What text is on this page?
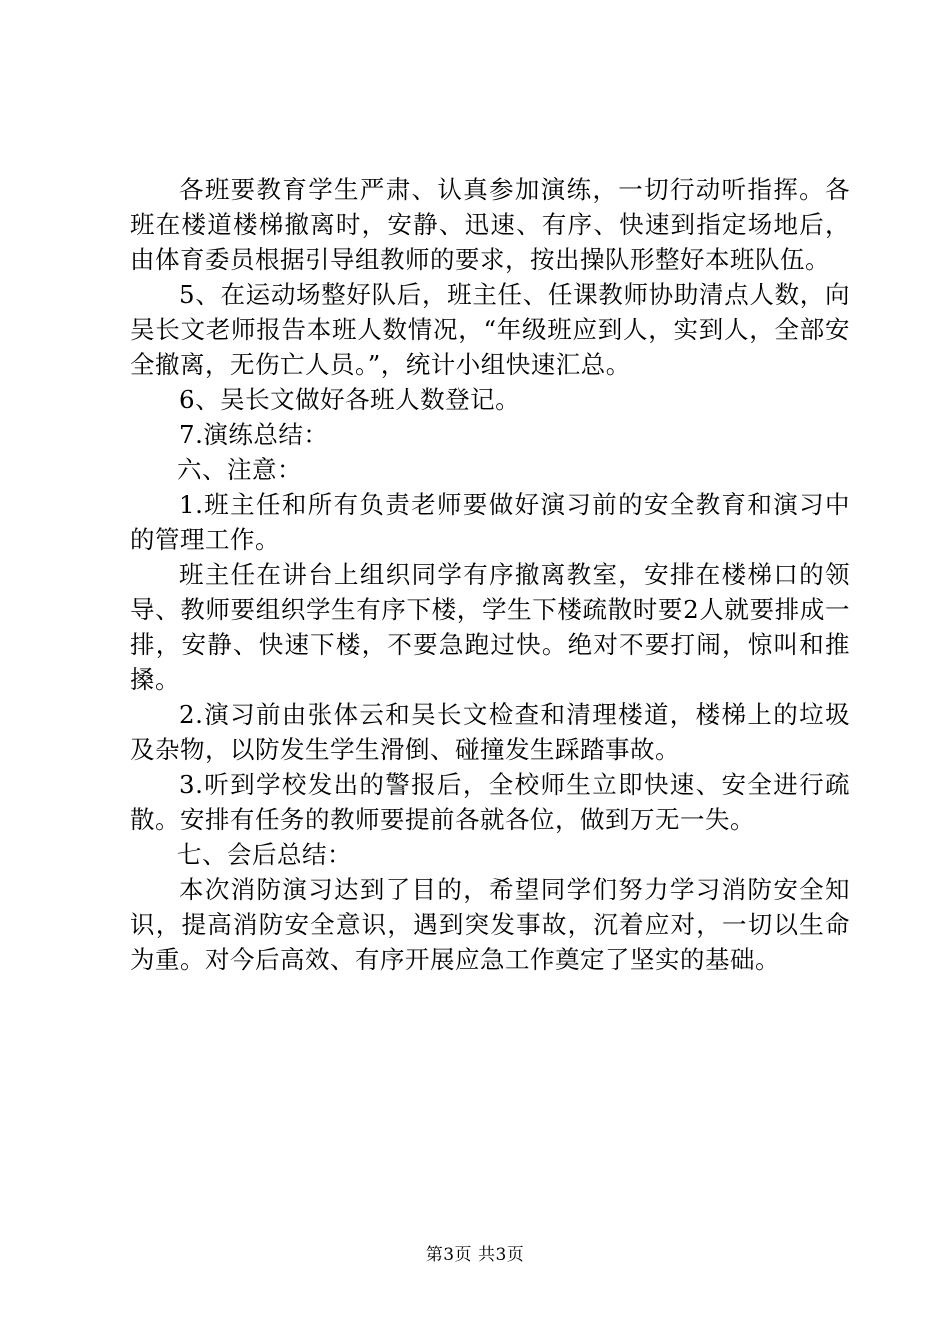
各班要教育学生严肃、认真参加演练，一切行动听指挥。各班在楼道楼梯撤离时，安静、迅速、有序、快速到指定场地后，由体育委员根据引导组教师的要求，按出操队形整好本班队伍。

5、在运动场整好队后，班主任、任课教师协助清点人数，向吴长文老师报告本班人数情况，“年级班应到人，实到人，全部安全撤离，无伤亡人员。”，统计小组快速汇总。

6、吴长文做好各班人数登记。

7.演练总结：

六、注意：

1.班主任和所有负责老师要做好演习前的安全教育和演习中的管理工作。

班主任在讲台上组织同学有序撤离教室，安排在楼梯口的领导、教师要组织学生有序下楼，学生下楼疏散时要2人就要排成一排，安静、快速下楼，不要急跑过快。绝对不要打闹，惊叫和推搡。

2.演习前由张体云和吴长文检查和清理楼道，楼梯上的垃圾及杂物，以防发生学生滑倒、碰撞发生踩踏事故。

3.听到学校发出的警报后，全校师生立即快速、安全进行疏散。安排有任务的教师要提前各就各位，做到万无一失。

七、会后总结：

本次消防演习达到了目的，希望同学们努力学习消防安全知识，提高消防安全意识，遇到突发事故，沉着应对，一切以生命为重。对今后高效、有序开展应急工作奠定了坚实的基础。

第3页 共3页
